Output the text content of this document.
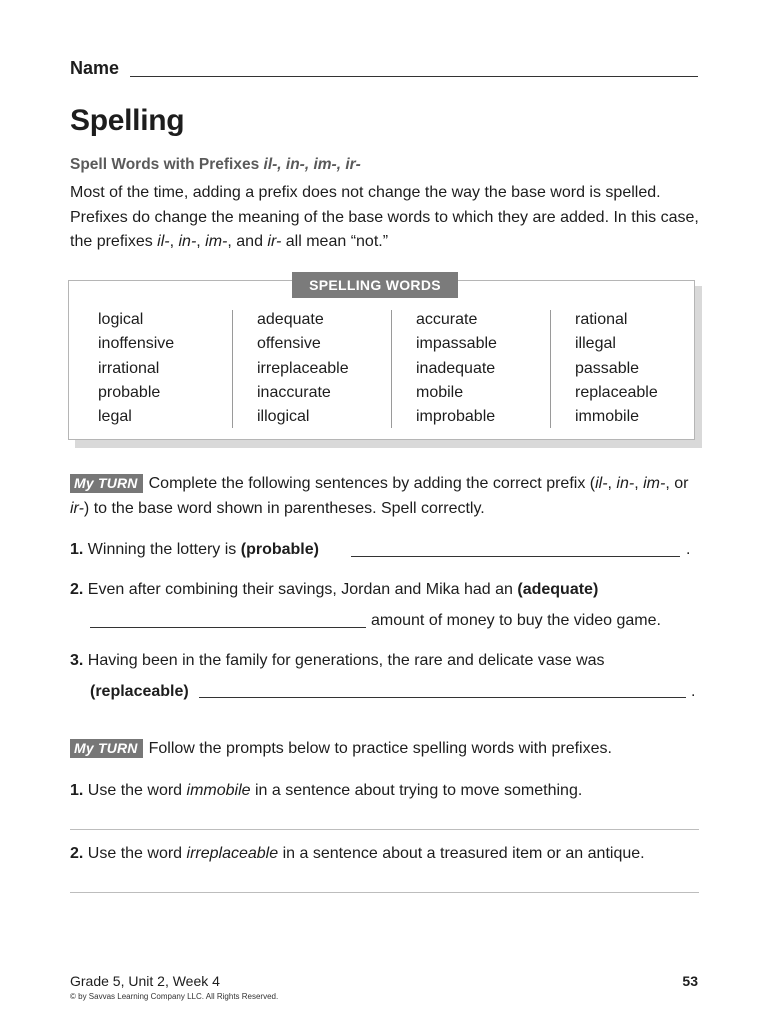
Name
Spelling
Spell Words with Prefixes il-, in-, im-, ir-
Most of the time, adding a prefix does not change the way the base word is spelled. Prefixes do change the meaning of the base words to which they are added. In this case, the prefixes il-, in-, im-, and ir- all mean “not.”
SPELLING WORDS
logical
inoffensive
irrational
probable
legal
adequate
offensive
irreplaceable
inaccurate
illogical
accurate
impassable
inadequate
mobile
improbable
rational
illegal
passable
replaceable
immobile
My TURN Complete the following sentences by adding the correct prefix (il-, in-, im-, or ir-) to the base word shown in parentheses. Spell correctly.
1. Winning the lottery is (probable)	.
2. Even after combining their savings, Jordan and Mika had an (adequate)
amount of money to buy the video game.
3. Having been in the family for generations, the rare and delicate vase was
(replaceable)	.
My TURN Follow the prompts below to practice spelling words with prefixes.
1. Use the word immobile in a sentence about trying to move something.
2. Use the word irreplaceable in a sentence about a treasured item or an antique.
Grade 5, Unit 2, Week 4
© by Savvas Learning Company LLC. All Rights Reserved.
53
